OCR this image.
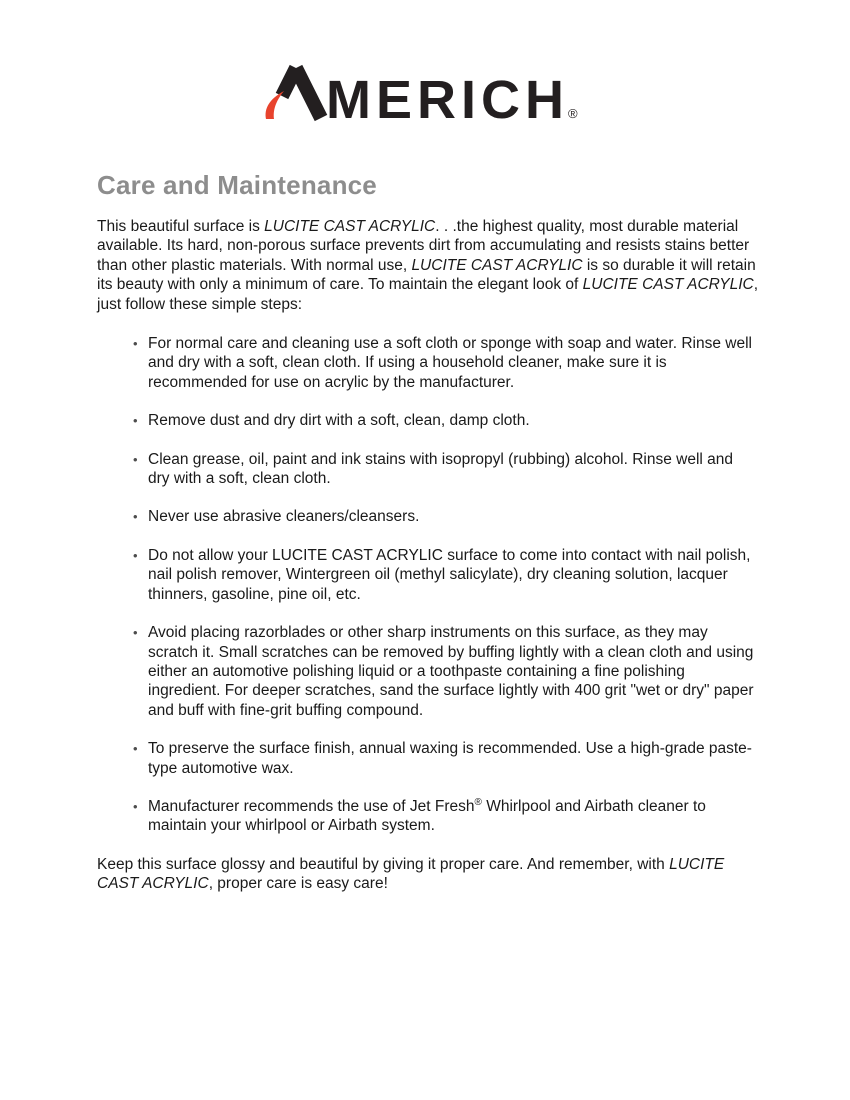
MERICH ®
Care and Maintenance

This beautiful surface is LUCITE CAST ACRYLIC. . .the highest quality, most durable material available. Its hard, non-porous surface prevents dirt from accumulating and resists stains better than other plastic materials. With normal use, LUCITE CAST ACRYLIC is so durable it will retain its beauty with only a minimum of care. To maintain the elegant look of LUCITE CAST ACRYLIC, just follow these simple steps:

• For normal care and cleaning use a soft cloth or sponge with soap and water. Rinse well and dry with a soft, clean cloth. If using a household cleaner, make sure it is recommended for use on acrylic by the manufacturer.
• Remove dust and dry dirt with a soft, clean, damp cloth.
• Clean grease, oil, paint and ink stains with isopropyl (rubbing) alcohol. Rinse well and dry with a soft, clean cloth.
• Never use abrasive cleaners/cleansers.
• Do not allow your LUCITE CAST ACRYLIC surface to come into contact with nail polish, nail polish remover, Wintergreen oil (methyl salicylate), dry cleaning solution, lacquer thinners, gasoline, pine oil, etc.
• Avoid placing razorblades or other sharp instruments on this surface, as they may scratch it. Small scratches can be removed by buffing lightly with a clean cloth and using either an automotive polishing liquid or a toothpaste containing a fine polishing ingredient. For deeper scratches, sand the surface lightly with 400 grit "wet or dry" paper and buff with fine-grit buffing compound.
• To preserve the surface finish, annual waxing is recommended. Use a high-grade paste-type automotive wax.
• Manufacturer recommends the use of Jet Fresh® Whirlpool and Airbath cleaner to maintain your whirlpool or Airbath system.

Keep this surface glossy and beautiful by giving it proper care. And remember, with LUCITE CAST ACRYLIC, proper care is easy care!
